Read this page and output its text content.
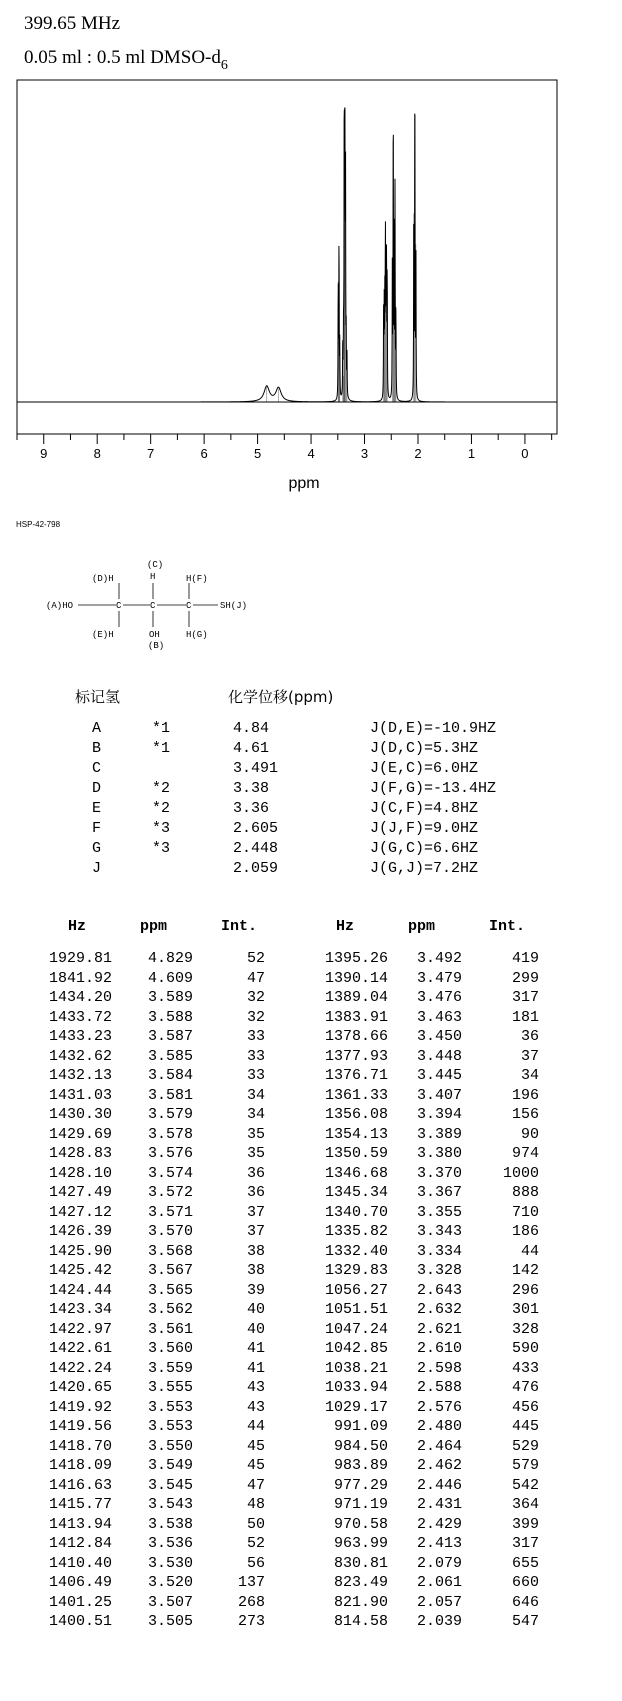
399.65 MHz
0.05 ml : 0.5 ml DMSO-$d_6$
9	8	7	6	5	4	3	2	1	0
ppm
HSP-42-798
(A)HO	C	C	C	SH(J)
(D)H
(C)
H	H(F)
(E)H	OH
(B)
H(G)
标记氢	化学位移(ppm)
A	*1	4.84	J(D,E)=-10.9HZ
B	*1	4.61	J(D,C)=5.3HZ
C	3.491	J(E,C)=6.0HZ
D	*2	3.38	J(F,G)=-13.4HZ
E	*2	3.36	J(C,F)=4.8HZ
F	*3	2.605	J(J,F)=9.0HZ
G	*3	2.448	J(G,C)=6.6HZ
J	2.059	J(G,J)=7.2HZ
Hz	ppm	Int.
1929.81 4.829	52
1841.92 4.609	47
1434.20 3.589	32
1433.72 3.588	32
1433.23 3.587	33
1432.62 3.585	33
1432.13 3.584	33
1431.03 3.581	34
1430.30 3.579	34
1429.69 3.578	35
1428.83 3.576	35
1428.10 3.574	36
1427.49 3.572	36
1427.12 3.571	37
1426.39 3.570	37
1425.90 3.568	38
1425.42 3.567	38
1424.44 3.565	39
1423.34 3.562	40
1422.97 3.561	40
1422.61 3.560	41
1422.24 3.559	41
1420.65 3.555	43
1419.92 3.553	43
1419.56 3.553	44
1418.70 3.550	45
1418.09 3.549	45
1416.63 3.545	47
1415.77 3.543	48
1413.94 3.538	50
1412.84 3.536	52
1410.40 3.530	56
1406.49 3.520	137
1401.25 3.507	268
1400.51 3.505	273
Hz	ppm	Int.
1395.26 3.492	419
1390.14 3.479	299
1389.04 3.476	317
1383.91 3.463	181
1378.66 3.450	36
1377.93 3.448	37
1376.71 3.445	34
1361.33 3.407	196
1356.08 3.394	156
1354.13 3.389	90
1350.59 3.380	974
1346.68 3.370	1000
1345.34 3.367	888
1340.70 3.355	710
1335.82 3.343	186
1332.40 3.334	44
1329.83 3.328	142
1056.27 2.643	296
1051.51 2.632	301
1047.24 2.621	328
1042.85 2.610	590
1038.21 2.598	433
1033.94 2.588	476
1029.17 2.576	456
991.09 2.480	445
984.50 2.464	529
983.89 2.462	579
977.29 2.446	542
971.19 2.431	364
970.58 2.429	399
963.99 2.413	317
830.81 2.079	655
823.49 2.061	660
821.90 2.057	646
814.58 2.039	547
